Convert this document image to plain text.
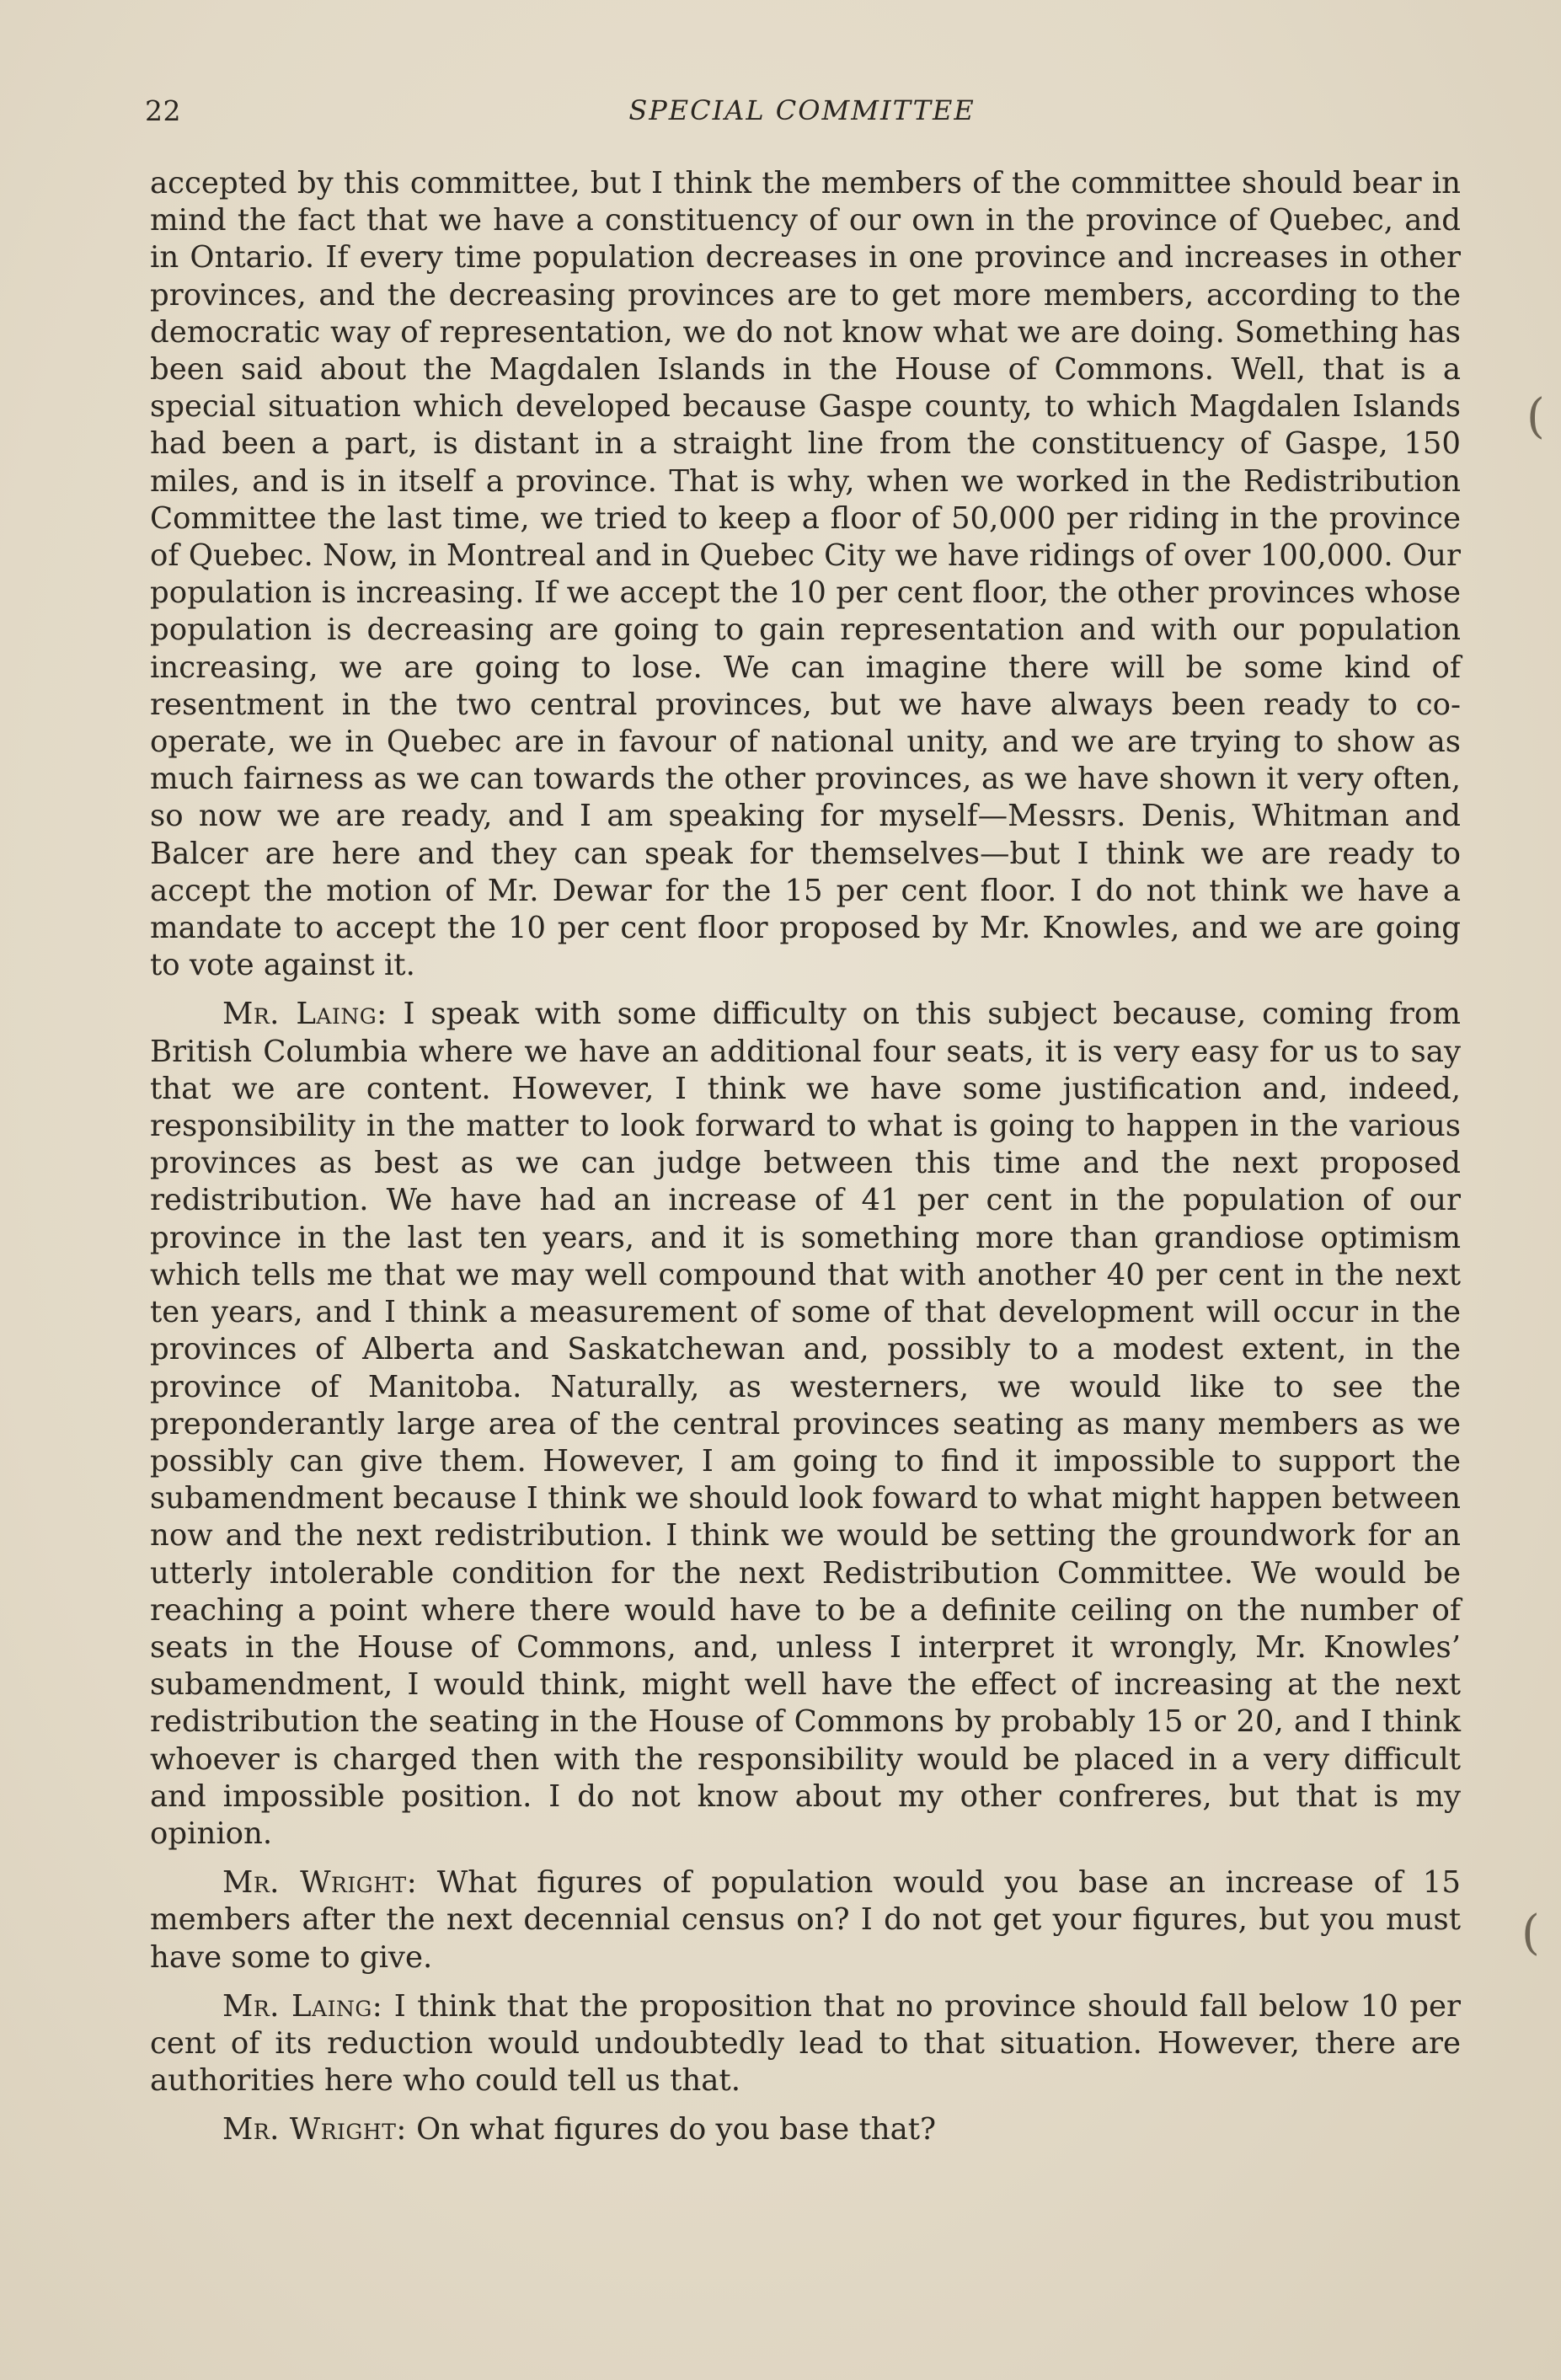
22	SPECIAL COMMITTEE

accepted by this committee, but I think the members of the committee should bear in mind the fact that we have a constituency of our own in the province of Quebec, and in Ontario. If every time population decreases in one province and increases in other provinces, and the decreasing provinces are to get more members, according to the democratic way of representation, we do not know what we are doing. Something has been said about the Magdalen Islands in the House of Commons. Well, that is a special situation which developed because Gaspe county, to which Magdalen Islands had been a part, is distant in a straight line from the constituency of Gaspe, 150 miles, and is in itself a province. That is why, when we worked in the Redistribution Committee the last time, we tried to keep a floor of 50,000 per riding in the province of Quebec. Now, in Montreal and in Quebec City we have ridings of over 100,000. Our population is increasing. If we accept the 10 per cent floor, the other provinces whose population is decreasing are going to gain representation and with our population increasing, we are going to lose. We can imagine there will be some kind of resentment in the two central provinces, but we have always been ready to co-operate, we in Quebec are in favour of national unity, and we are trying to show as much fairness as we can towards the other provinces, as we have shown it very often, so now we are ready, and I am speaking for myself—Messrs. Denis, Whitman and Balcer are here and they can speak for themselves—but I think we are ready to accept the motion of Mr. Dewar for the 15 per cent floor. I do not think we have a mandate to accept the 10 per cent floor proposed by Mr. Knowles, and we are going to vote against it.

Mr. Laing: I speak with some difficulty on this subject because, coming from British Columbia where we have an additional four seats, it is very easy for us to say that we are content. However, I think we have some justification and, indeed, responsibility in the matter to look forward to what is going to happen in the various provinces as best as we can judge between this time and the next proposed redistribution. We have had an increase of 41 per cent in the population of our province in the last ten years, and it is something more than grandiose optimism which tells me that we may well compound that with another 40 per cent in the next ten years, and I think a measurement of some of that development will occur in the provinces of Alberta and Saskatchewan and, possibly to a modest extent, in the province of Manitoba. Naturally, as westerners, we would like to see the preponderantly large area of the central provinces seating as many members as we possibly can give them. However, I am going to find it impossible to support the subamendment because I think we should look foward to what might happen between now and the next redistribution. I think we would be setting the groundwork for an utterly intolerable condition for the next Redistribution Committee. We would be reaching a point where there would have to be a definite ceiling on the number of seats in the House of Commons, and, unless I interpret it wrongly, Mr. Knowles’ subamendment, I would think, might well have the effect of increasing at the next redistribution the seating in the House of Commons by probably 15 or 20, and I think whoever is charged then with the responsibility would be placed in a very difficult and impossible position. I do not know about my other confreres, but that is my opinion.

Mr. Wright: What figures of population would you base an increase of 15 members after the next decennial census on? I do not get your figures, but you must have some to give.

Mr. Laing: I think that the proposition that no province should fall below 10 per cent of its reduction would undoubtedly lead to that situation. However, there are authorities here who could tell us that.

Mr. Wright: On what figures do you base that?

(
(
